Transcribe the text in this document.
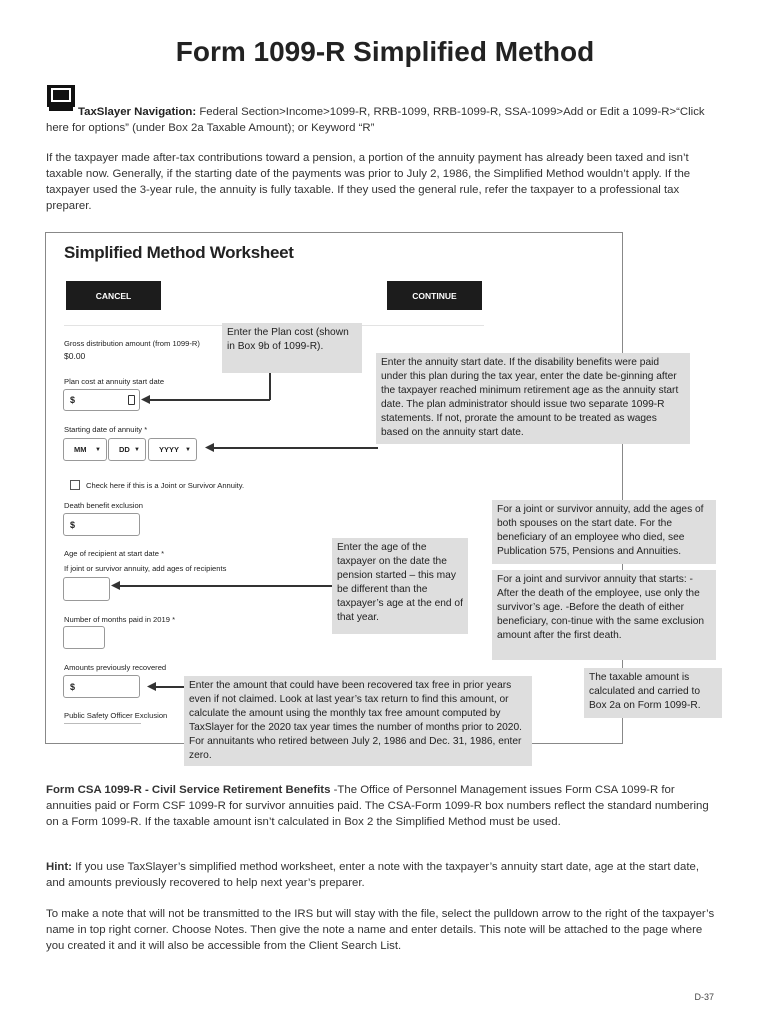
Form 1099-R Simplified Method
TaxSlayer Navigation: Federal Section>Income>1099-R, RRB-1099, RRB-1099-R, SSA-1099>Add or Edit a 1099-R>“Click here for options” (under Box 2a Taxable Amount); or Keyword “R”
If the taxpayer made after-tax contributions toward a pension, a portion of the annuity payment has already been taxed and isn’t taxable now. Generally, if the starting date of the payments was prior to July 2, 1986, the Simplified Method wouldn’t apply. If the taxpayer used the 3-year rule, the annuity is fully taxable. If they used the general rule, refer the taxpayer to a professional tax preparer.
Simplified Method Worksheet
CANCEL	CONTINUE
Gross distribution amount (from 1099-R)
$0.00
Plan cost at annuity start date
$
Starting date of annuity *
MM ▼ DD ▼	YYYY ▼
Check here if this is a Joint or Survivor Annuity.
Death benefit exclusion
$
Age of recipient at start date *
If joint or survivor annuity, add ages of recipients
Number of months paid in 2019 *
Amounts previously recovered
$
Public Safety Officer Exclusion
Enter the Plan cost (shown in Box 9b of 1099-R).
Enter the annuity start date. If the disability benefits were paid under this plan during the tax year, enter the date be-ginning after the taxpayer reached minimum retirement age as the annuity start date. The plan administrator should issue two separate 1099-R statements. If not, prorate the amount to be treated as wages based on the annuity start date.
For a joint or survivor annuity, add the ages of both spouses on the start date. For the beneficiary of an employee who died, see Publication 575, Pensions and Annuities.
Enter the age of the taxpayer on the date the pension started – this may be different than the taxpayer’s age at the end of that year.
For a joint and survivor annuity that starts: -After the death of the employee, use only the survivor’s age. -Before the death of either beneficiary, con-tinue with the same exclusion amount after the first death.
Enter the amount that could have been recovered tax free in prior years even if not claimed. Look at last year’s tax return to find this amount, or calculate the amount using the monthly tax free amount computed by TaxSlayer for the 2020 tax year times the number of months prior to 2020. For annuitants who retired between July 2, 1986 and Dec. 31, 1986, enter zero.
The taxable amount is calculated and carried to Box 2a on Form 1099-R.
Form CSA 1099-R - Civil Service Retirement Benefits -The Office of Personnel Management issues Form CSA 1099-R for annuities paid or Form CSF 1099-R for survivor annuities paid. The CSA-Form 1099-R box numbers reflect the standard numbering on a Form 1099-R. If the taxable amount isn’t calculated in Box 2 the Simplified Method must be used.
Hint: If you use TaxSlayer’s simplified method worksheet, enter a note with the taxpayer’s annuity start date, age at the start date, and amounts previously recovered to help next year’s preparer.
To make a note that will not be transmitted to the IRS but will stay with the file, select the pulldown arrow to the right of the taxpayer’s name in top right corner. Choose Notes. Then give the note a name and enter details. This note will be attached to the page where you created it and it will also be accessible from the Client Search List.
D-37
